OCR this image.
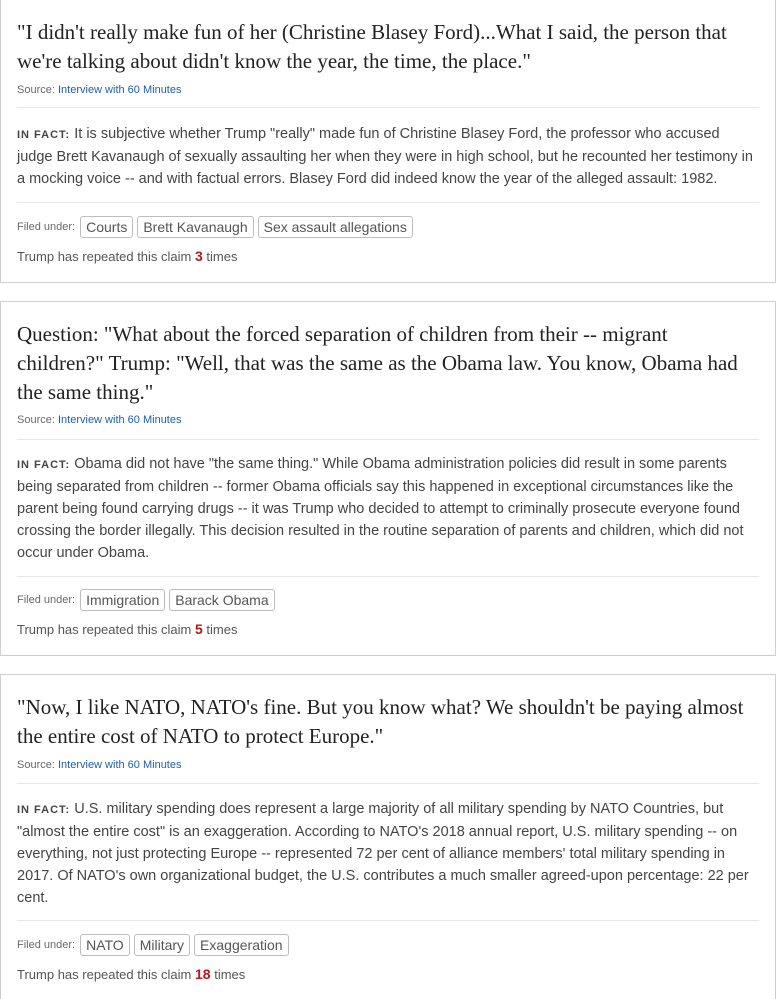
"I didn't really make fun of her (Christine Blasey Ford)...What I said, the person that we're talking about didn't know the year, the time, the place."

Source: Interview with 60 Minutes

IN FACT: It is subjective whether Trump "really" made fun of Christine Blasey Ford, the professor who accused judge Brett Kavanaugh of sexually assaulting her when they were in high school, but he recounted her testimony in a mocking voice -- and with factual errors. Blasey Ford did indeed know the year of the alleged assault: 1982.

Filed under: Courts	Brett Kavanaugh	Sex assault allegations
Trump has repeated this claim 3 times

Question: "What about the forced separation of children from their -- migrant children?" Trump: "Well, that was the same as the Obama law. You know, Obama had the same thing."

Source: Interview with 60 Minutes

IN FACT: Obama did not have "the same thing." While Obama administration policies did result in some parents being separated from children -- former Obama officials say this happened in exceptional circumstances like the parent being found carrying drugs -- it was Trump who decided to attempt to criminally prosecute everyone found crossing the border illegally. This decision resulted in the routine separation of parents and children, which did not occur under Obama.

Filed under: Immigration	Barack Obama
Trump has repeated this claim 5 times

"Now, I like NATO, NATO's fine. But you know what? We shouldn't be paying almost the entire cost of NATO to protect Europe."

Source: Interview with 60 Minutes

IN FACT: U.S. military spending does represent a large majority of all military spending by NATO Countries, but "almost the entire cost" is an exaggeration. According to NATO's 2018 annual report, U.S. military spending -- on everything, not just protecting Europe -- represented 72 per cent of alliance members' total military spending in 2017. Of NATO's own organizational budget, the U.S. contributes a much smaller agreed-upon percentage: 22 per cent.

Filed under: NATO	Military	Exaggeration
Trump has repeated this claim 18 times
